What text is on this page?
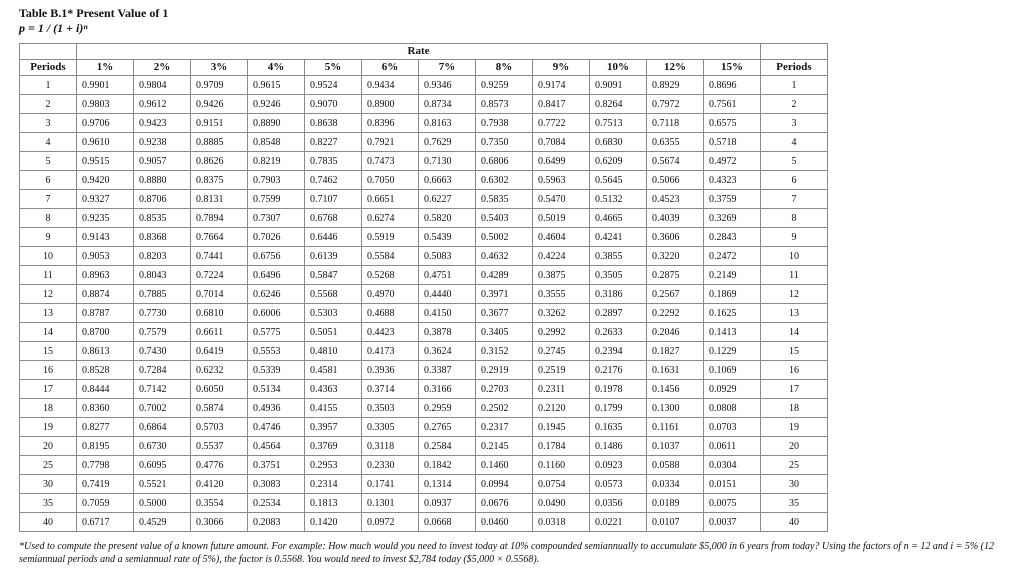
Table B.1* Present Value of 1
p = 1 / (1 + i)ⁿ
	Rate												
Periods	1%	2%	3%	4%	5%	6%	7%	8%	9%	10%	12%	15%	Periods
1	0.9901	0.9804	0.9709	0.9615	0.9524	0.9434	0.9346	0.9259	0.9174	0.9091	0.8929	0.8696	1
2	0.9803	0.9612	0.9426	0.9246	0.9070	0.8900	0.8734	0.8573	0.8417	0.8264	0.7972	0.7561	2
3	0.9706	0.9423	0.9151	0.8890	0.8638	0.8396	0.8163	0.7938	0.7722	0.7513	0.7118	0.6575	3
4	0.9610	0.9238	0.8885	0.8548	0.8227	0.7921	0.7629	0.7350	0.7084	0.6830	0.6355	0.5718	4
5	0.9515	0.9057	0.8626	0.8219	0.7835	0.7473	0.7130	0.6806	0.6499	0.6209	0.5674	0.4972	5
6	0.9420	0.8880	0.8375	0.7903	0.7462	0.7050	0.6663	0.6302	0.5963	0.5645	0.5066	0.4323	6
7	0.9327	0.8706	0.8131	0.7599	0.7107	0.6651	0.6227	0.5835	0.5470	0.5132	0.4523	0.3759	7
8	0.9235	0.8535	0.7894	0.7307	0.6768	0.6274	0.5820	0.5403	0.5019	0.4665	0.4039	0.3269	8
9	0.9143	0.8368	0.7664	0.7026	0.6446	0.5919	0.5439	0.5002	0.4604	0.4241	0.3606	0.2843	9
10	0.9053	0.8203	0.7441	0.6756	0.6139	0.5584	0.5083	0.4632	0.4224	0.3855	0.3220	0.2472	10
11	0.8963	0.8043	0.7224	0.6496	0.5847	0.5268	0.4751	0.4289	0.3875	0.3505	0.2875	0.2149	11
12	0.8874	0.7885	0.7014	0.6246	0.5568	0.4970	0.4440	0.3971	0.3555	0.3186	0.2567	0.1869	12
13	0.8787	0.7730	0.6810	0.6006	0.5303	0.4688	0.4150	0.3677	0.3262	0.2897	0.2292	0.1625	13
14	0.8700	0.7579	0.6611	0.5775	0.5051	0.4423	0.3878	0.3405	0.2992	0.2633	0.2046	0.1413	14
15	0.8613	0.7430	0.6419	0.5553	0.4810	0.4173	0.3624	0.3152	0.2745	0.2394	0.1827	0.1229	15
16	0.8528	0.7284	0.6232	0.5339	0.4581	0.3936	0.3387	0.2919	0.2519	0.2176	0.1631	0.1069	16
17	0.8444	0.7142	0.6050	0.5134	0.4363	0.3714	0.3166	0.2703	0.2311	0.1978	0.1456	0.0929	17
18	0.8360	0.7002	0.5874	0.4936	0.4155	0.3503	0.2959	0.2502	0.2120	0.1799	0.1300	0.0808	18
19	0.8277	0.6864	0.5703	0.4746	0.3957	0.3305	0.2765	0.2317	0.1945	0.1635	0.1161	0.0703	19
20	0.8195	0.6730	0.5537	0.4564	0.3769	0.3118	0.2584	0.2145	0.1784	0.1486	0.1037	0.0611	20
25	0.7798	0.6095	0.4776	0.3751	0.2953	0.2330	0.1842	0.1460	0.1160	0.0923	0.0588	0.0304	25
30	0.7419	0.5521	0.4120	0.3083	0.2314	0.1741	0.1314	0.0994	0.0754	0.0573	0.0334	0.0151	30
35	0.7059	0.5000	0.3554	0.2534	0.1813	0.1301	0.0937	0.0676	0.0490	0.0356	0.0189	0.0075	35
40	0.6717	0.4529	0.3066	0.2083	0.1420	0.0972	0.0668	0.0460	0.0318	0.0221	0.0107	0.0037	40
*Used to compute the present value of a known future amount. For example: How much would you need to invest today at 10% compounded semiannually to accumulate $5,000 in 6 years from today? Using the factors of n = 12 and i = 5% (12 semiannual periods and a semiannual rate of 5%), the factor is 0.5568. You would need to invest $2,784 today ($5,000 × 0.5568).
